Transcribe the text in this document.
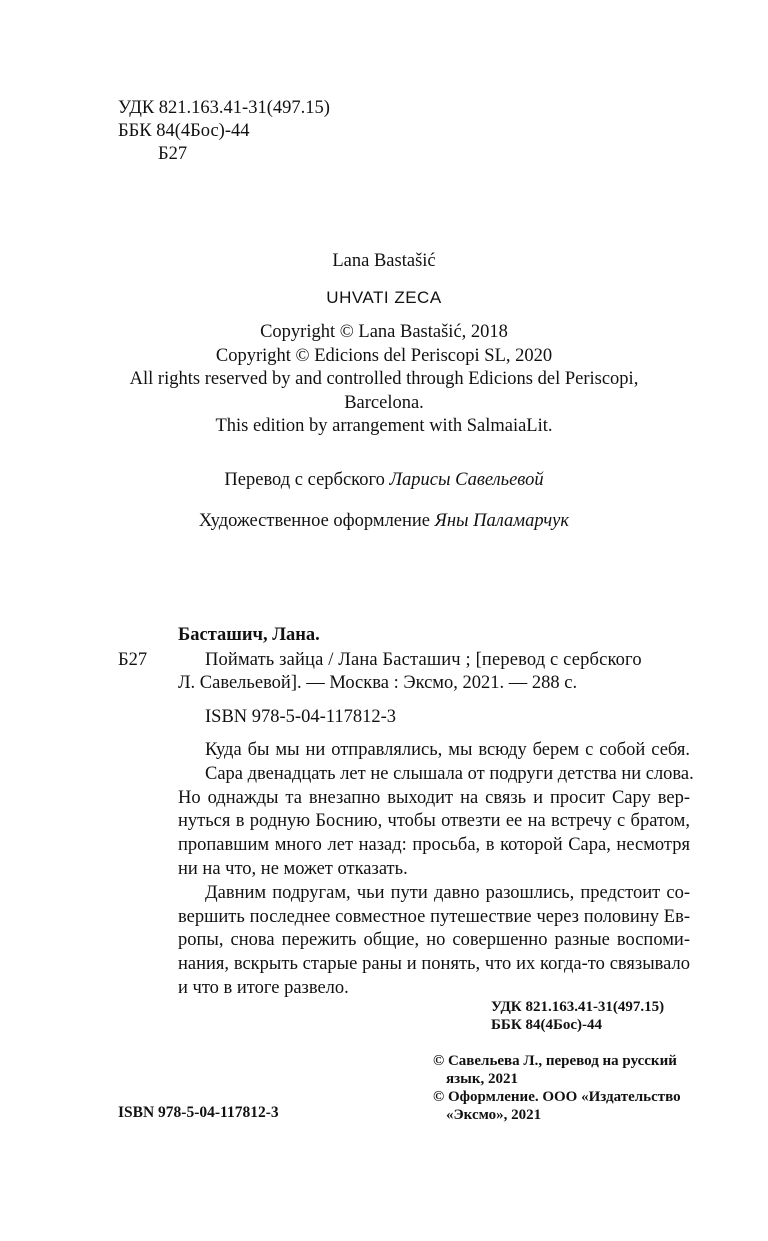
УДК 821.163.41-31(497.15)
ББК 84(4Бос)-44
Б27
Lana Bastašić
UHVATI ZECA
Copyright © Lana Bastašić, 2018
Copyright © Edicions del Periscopi SL, 2020
All rights reserved by and controlled through Edicions del Periscopi,
Barcelona.
This edition by arrangement with SalmaiaLit.
Перевод с сербского Ларисы Савельевой
Художественное оформление Яны Паламарчук
Басташич, Лана.
Б27	Поймать зайца / Лана Басташич ; [перевод с сербского
Л. Савельевой]. — Москва : Эксмо, 2021. — 288 с.
ISBN 978-5-04-117812-3
Куда бы мы ни отправлялись, мы всюду берем с собой себя.
Сара двенадцать лет не слышала от подруги детства ни слова.
Но однажды та внезапно выходит на связь и просит Сару вер-
нуться в родную Боснию, чтобы отвезти ее на встречу с братом,
пропавшим много лет назад: просьба, в которой Сара, несмотря
ни на что, не может отказать.
Давним подругам, чьи пути давно разошлись, предстоит со-
вершить последнее совместное путешествие через половину Ев-
ропы, снова пережить общие, но совершенно разные воспоми-
нания, вскрыть старые раны и понять, что их когда-то связывало
и что в итоге развело.
УДК 821.163.41-31(497.15)
ББК 84(4Бос)-44
© Савельева Л., перевод на русский
язык, 2021
© Оформление. ООО «Издательство
«Эксмо», 2021
ISBN 978-5-04-117812-3
